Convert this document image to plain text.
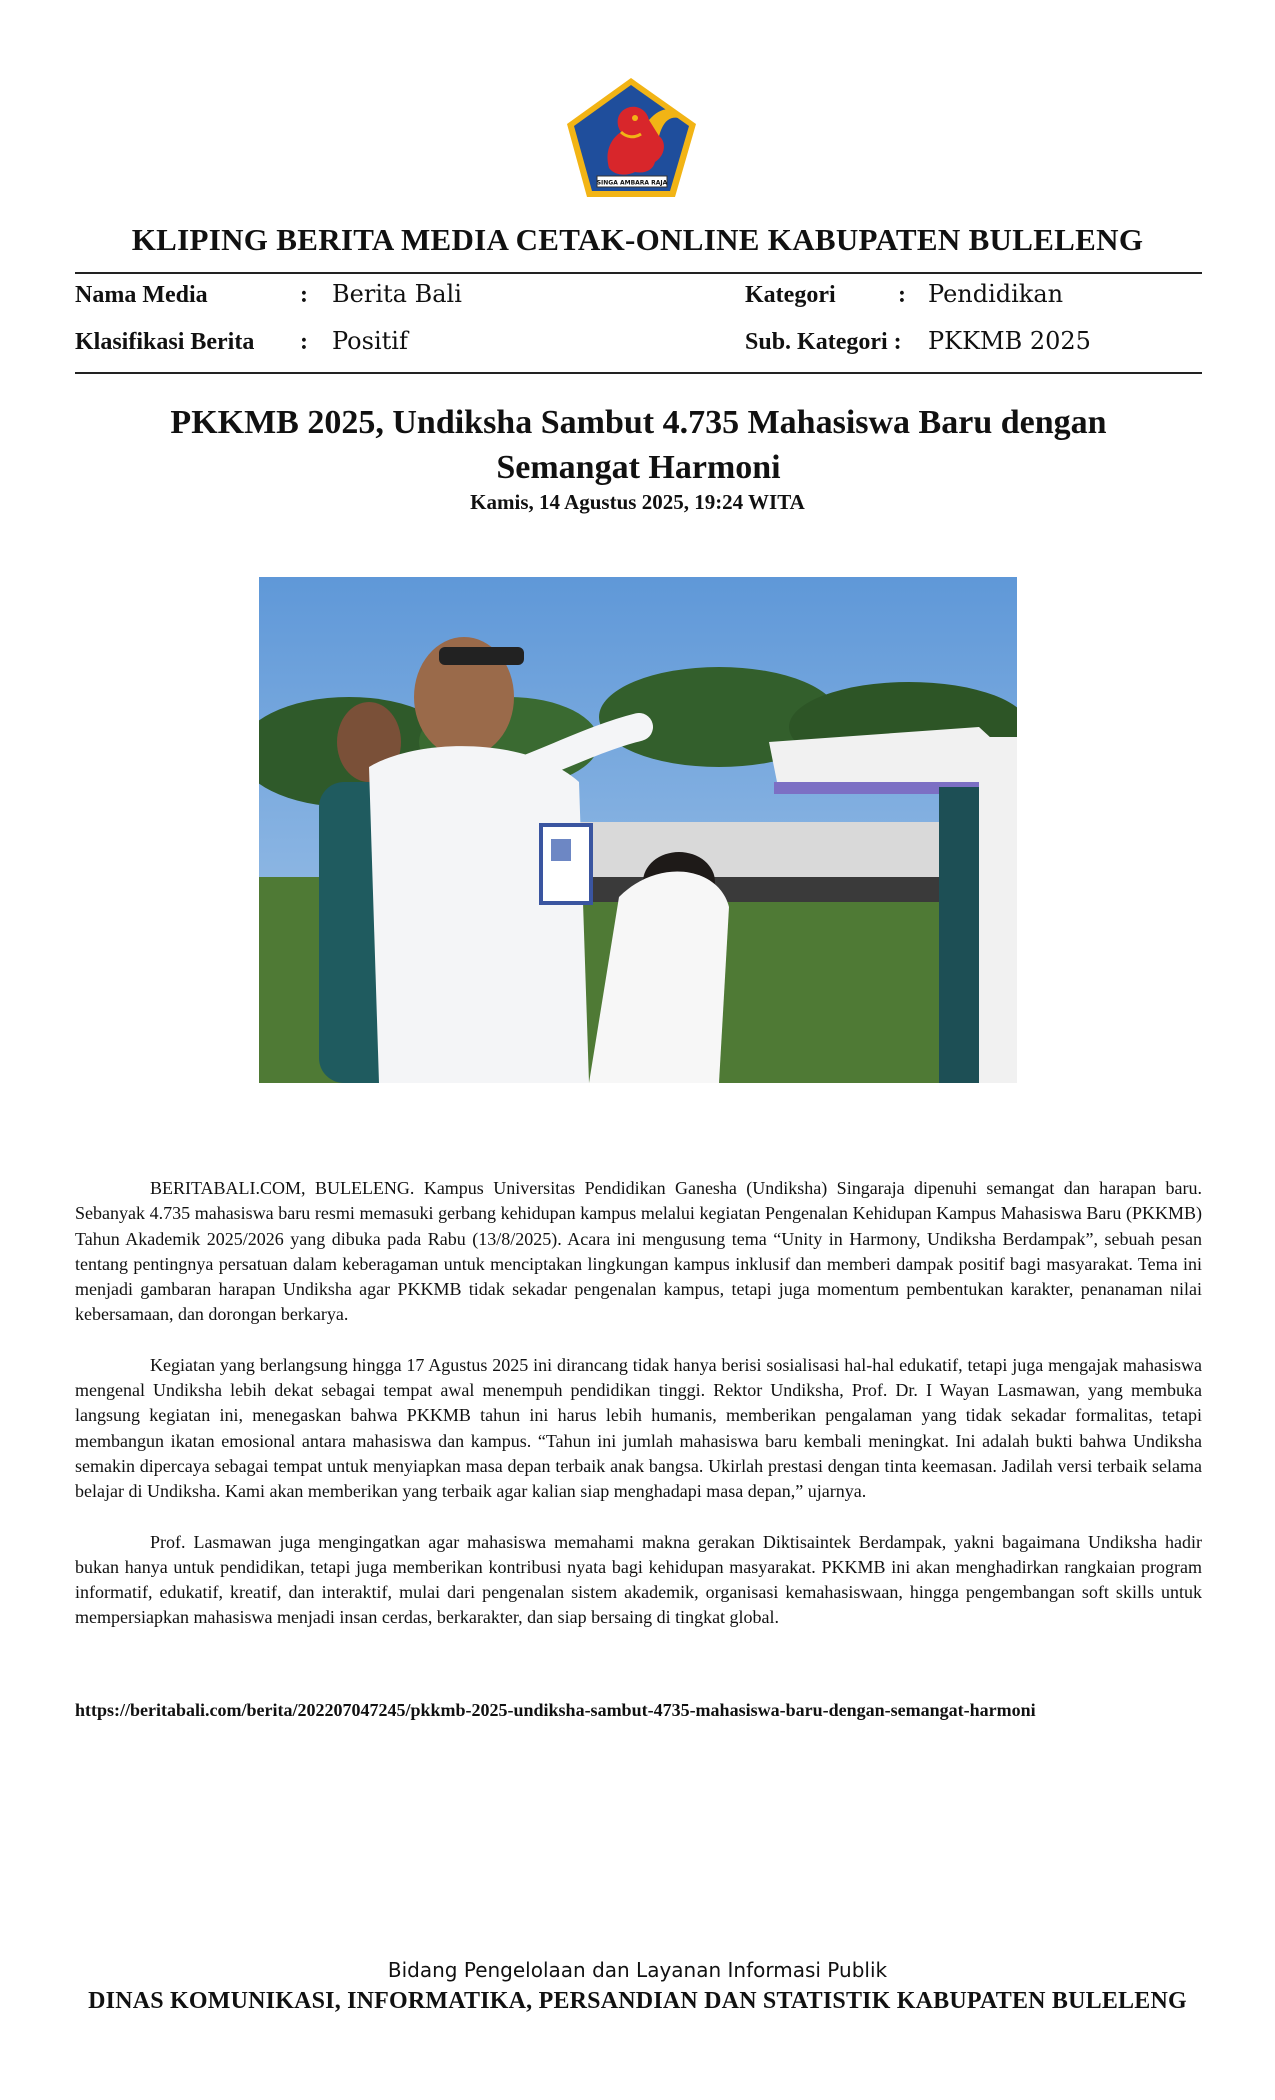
SINGA AMBARA RAJA
KLIPING BERITA MEDIA CETAK-ONLINE KABUPATEN BULELENG
Nama Media	: Berita Bali	Kategori	: Pendidikan
Klasifikasi Berita : Positif	Sub. Kategori : PKKMB 2025
PKKMB 2025, Undiksha Sambut 4.735 Mahasiswa Baru dengan
Semangat Harmoni
Kamis, 14 Agustus 2025, 19:24 WITA

BERITABALI.COM, BULELENG. Kampus Universitas Pendidikan Ganesha (Undiksha) Singaraja dipenuhi semangat dan harapan baru. Sebanyak 4.735 mahasiswa baru resmi memasuki gerbang kehidupan kampus melalui kegiatan Pengenalan Kehidupan Kampus Mahasiswa Baru (PKKMB) Tahun Akademik 2025/2026 yang dibuka pada Rabu (13/8/2025). Acara ini mengusung tema “Unity in Harmony, Undiksha Berdampak”, sebuah pesan tentang pentingnya persatuan dalam keberagaman untuk menciptakan lingkungan kampus inklusif dan memberi dampak positif bagi masyarakat. Tema ini menjadi gambaran harapan Undiksha agar PKKMB tidak sekadar pengenalan kampus, tetapi juga momentum pembentukan karakter, penanaman nilai kebersamaan, dan dorongan berkarya.

Kegiatan yang berlangsung hingga 17 Agustus 2025 ini dirancang tidak hanya berisi sosialisasi hal-hal edukatif, tetapi juga mengajak mahasiswa mengenal Undiksha lebih dekat sebagai tempat awal menempuh pendidikan tinggi. Rektor Undiksha, Prof. Dr. I Wayan Lasmawan, yang membuka langsung kegiatan ini, menegaskan bahwa PKKMB tahun ini harus lebih humanis, memberikan pengalaman yang tidak sekadar formalitas, tetapi membangun ikatan emosional antara mahasiswa dan kampus. “Tahun ini jumlah mahasiswa baru kembali meningkat. Ini adalah bukti bahwa Undiksha semakin dipercaya sebagai tempat untuk menyiapkan masa depan terbaik anak bangsa. Ukirlah prestasi dengan tinta keemasan. Jadilah versi terbaik selama belajar di Undiksha. Kami akan memberikan yang terbaik agar kalian siap menghadapi masa depan,” ujarnya.

Prof. Lasmawan juga mengingatkan agar mahasiswa memahami makna gerakan Diktisaintek Berdampak, yakni bagaimana Undiksha hadir bukan hanya untuk pendidikan, tetapi juga memberikan kontribusi nyata bagi kehidupan masyarakat. PKKMB ini akan menghadirkan rangkaian program informatif, edukatif, kreatif, dan interaktif, mulai dari pengenalan sistem akademik, organisasi kemahasiswaan, hingga pengembangan soft skills untuk mempersiapkan mahasiswa menjadi insan cerdas, berkarakter, dan siap bersaing di tingkat global.

https://beritabali.com/berita/202207047245/pkkmb-2025-undiksha-sambut-4735-mahasiswa-baru-dengan-semangat-harmoni
Bidang Pengelolaan dan Layanan Informasi Publik
DINAS KOMUNIKASI, INFORMATIKA, PERSANDIAN DAN STATISTIK KABUPATEN BULELENG
